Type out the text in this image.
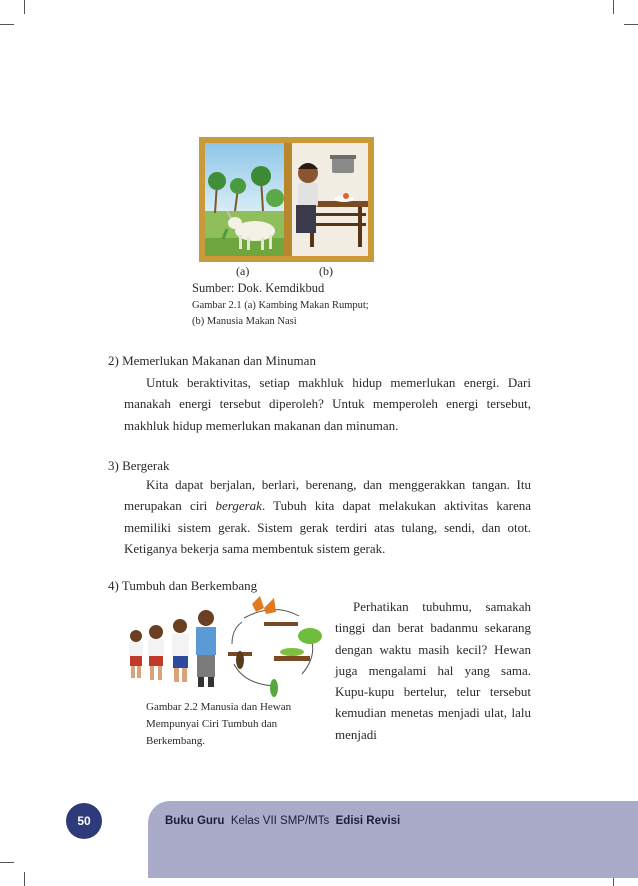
(a)	(b)
Sumber: Dok. Kemdikbud
Gambar 2.1 (a) Kambing Makan Rumput;
(b) Manusia Makan Nasi
2) Memerlukan Makanan dan Minuman

Untuk beraktivitas, setiap makhluk hidup memerlukan energi. Dari manakah energi tersebut diperoleh? Untuk memperoleh energi tersebut, makhluk hidup memerlukan makanan dan minuman.

3) Bergerak

Kita dapat berjalan, berlari, berenang, dan menggerakkan tangan. Itu merupakan ciri bergerak. Tubuh kita dapat melakukan aktivitas karena memiliki sistem gerak. Sistem gerak terdiri atas tulang, sendi, dan otot. Ketiganya bekerja sama membentuk sistem gerak.

4) Tumbuh dan Berkembang
Gambar 2.2 Manusia dan Hewan
Mempunyai Ciri Tumbuh dan
Berkembang.

Perhatikan tubuhmu, samakah tinggi dan berat badanmu sekarang dengan waktu masih kecil? Hewan juga mengalami hal yang sama. Kupu-kupu bertelur, telur tersebut kemudian menetas menjadi ulat, lalu menjadi

50	Buku Guru Kelas VII SMP/MTs Edisi Revisi
